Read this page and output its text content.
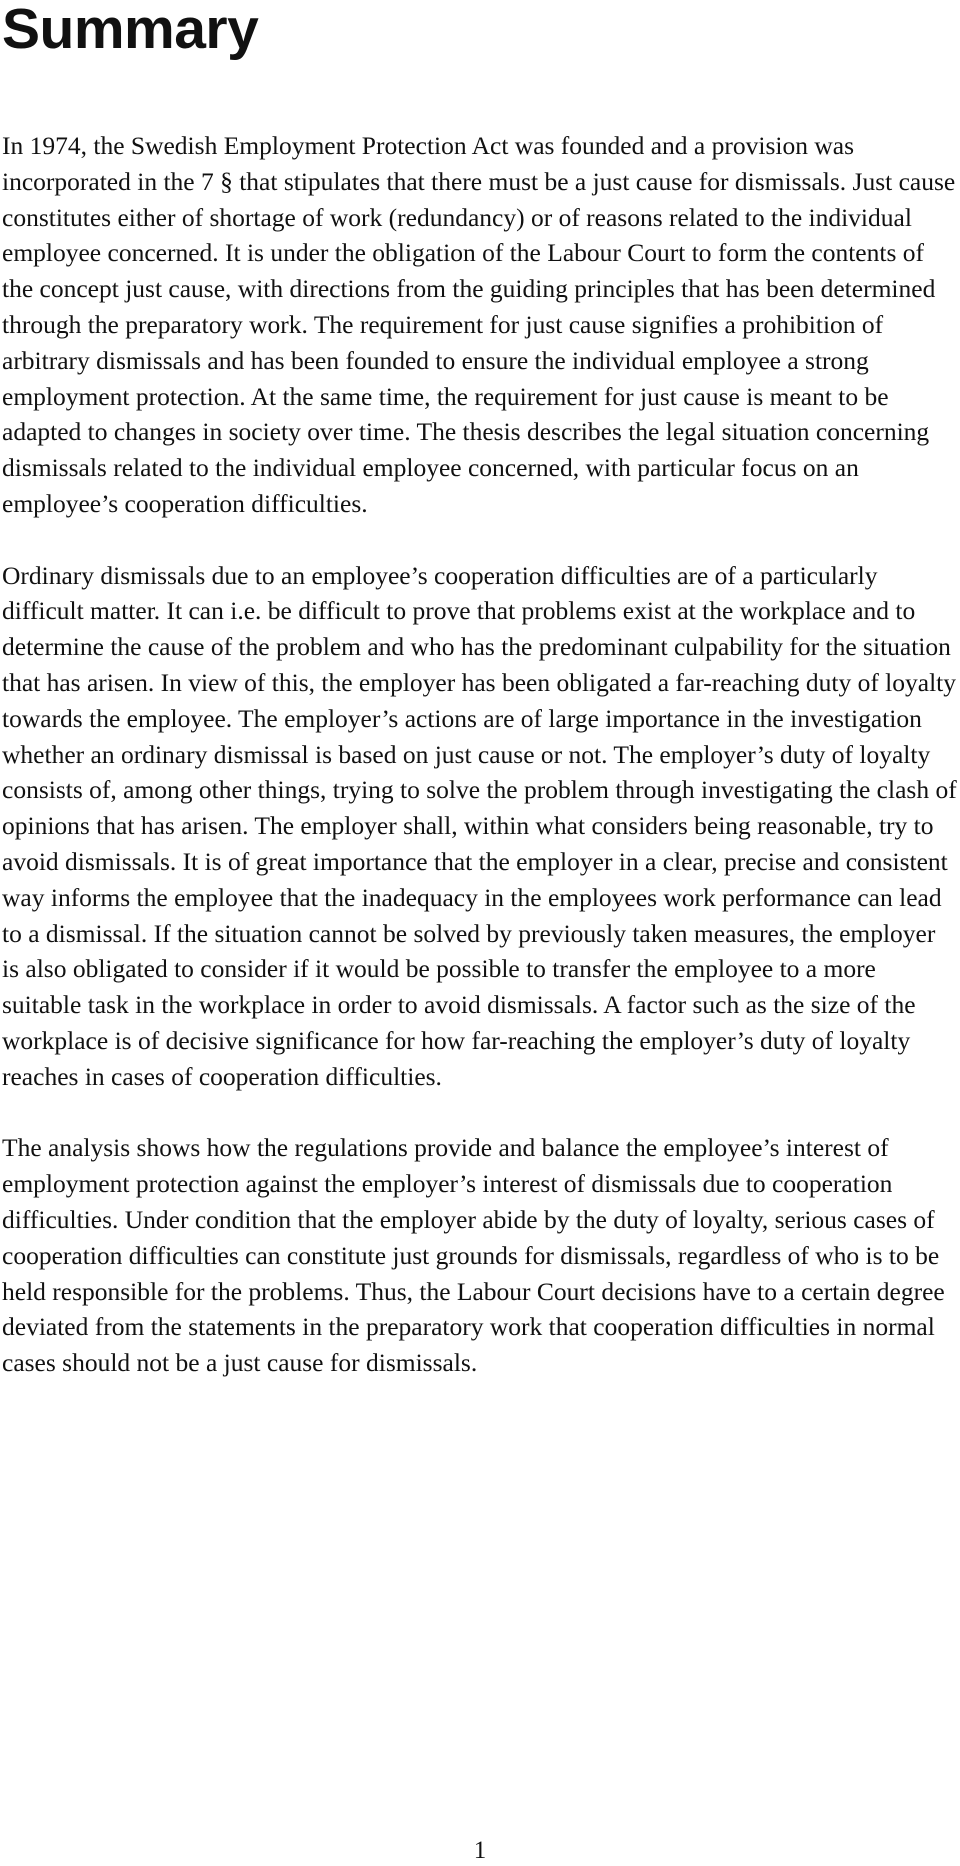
Summary

In 1974, the Swedish Employment Protection Act was founded and a provision was incorporated in the 7 § that stipulates that there must be a just cause for dismissals. Just cause constitutes either of shortage of work (redundancy) or of reasons related to the individual employee concerned. It is under the obligation of the Labour Court to form the contents of the concept just cause, with directions from the guiding principles that has been determined through the preparatory work. The requirement for just cause signifies a prohibition of arbitrary dismissals and has been founded to ensure the individual employee a strong employment protection. At the same time, the requirement for just cause is meant to be adapted to changes in society over time. The thesis describes the legal situation concerning dismissals related to the individual employee concerned, with particular focus on an employee’s cooperation difficulties.

Ordinary dismissals due to an employee’s cooperation difficulties are of a particularly difficult matter. It can i.e. be difficult to prove that problems exist at the workplace and to determine the cause of the problem and who has the predominant culpability for the situation that has arisen. In view of this, the employer has been obligated a far-reaching duty of loyalty towards the employee. The employer’s actions are of large importance in the investigation whether an ordinary dismissal is based on just cause or not. The employer’s duty of loyalty consists of, among other things, trying to solve the problem through investigating the clash of opinions that has arisen. The employer shall, within what considers being reasonable, try to avoid dismissals. It is of great importance that the employer in a clear, precise and consistent way informs the employee that the inadequacy in the employees work performance can lead to a dismissal. If the situation cannot be solved by previously taken measures, the employer is also obligated to consider if it would be possible to transfer the employee to a more suitable task in the workplace in order to avoid dismissals. A factor such as the size of the workplace is of decisive significance for how far-reaching the employer’s duty of loyalty reaches in cases of cooperation difficulties.

The analysis shows how the regulations provide and balance the employee’s interest of employment protection against the employer’s interest of dismissals due to cooperation difficulties. Under condition that the employer abide by the duty of loyalty, serious cases of cooperation difficulties can constitute just grounds for dismissals, regardless of who is to be held responsible for the problems. Thus, the Labour Court decisions have to a certain degree deviated from the statements in the preparatory work that cooperation difficulties in normal cases should not be a just cause for dismissals.

1
